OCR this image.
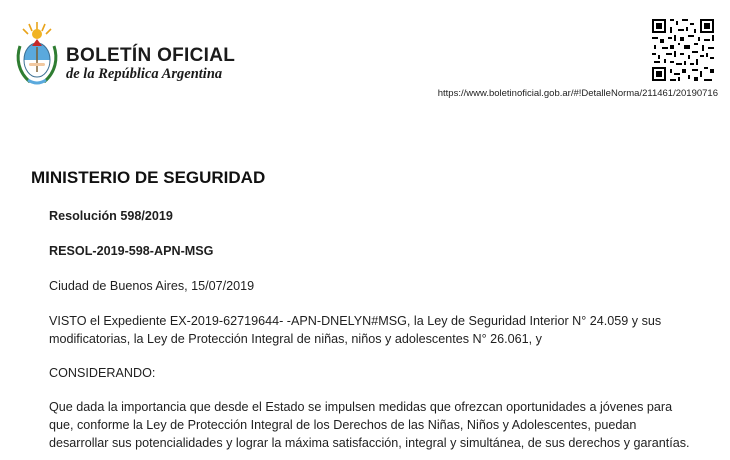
BOLETÍN OFICIAL
de la República Argentina
https://www.boletinoficial.gob.ar/#!DetalleNorma/211461/20190716
MINISTERIO DE SEGURIDAD
Resolución 598/2019
RESOL-2019-598-APN-MSG
Ciudad de Buenos Aires, 15/07/2019
VISTO el Expediente EX-2019-62719644- -APN-DNELYN#MSG, la Ley de Seguridad Interior N° 24.059 y sus
modificatorias, la Ley de Protección Integral de niñas, niños y adolescentes N° 26.061, y
CONSIDERANDO:
Que dada la importancia que desde el Estado se impulsen medidas que ofrezcan oportunidades a jóvenes para
que, conforme la Ley de Protección Integral de los Derechos de las Niñas, Niños y Adolescentes, puedan
desarrollar sus potencialidades y lograr la máxima satisfacción, integral y simultánea, de sus derechos y garantías.
